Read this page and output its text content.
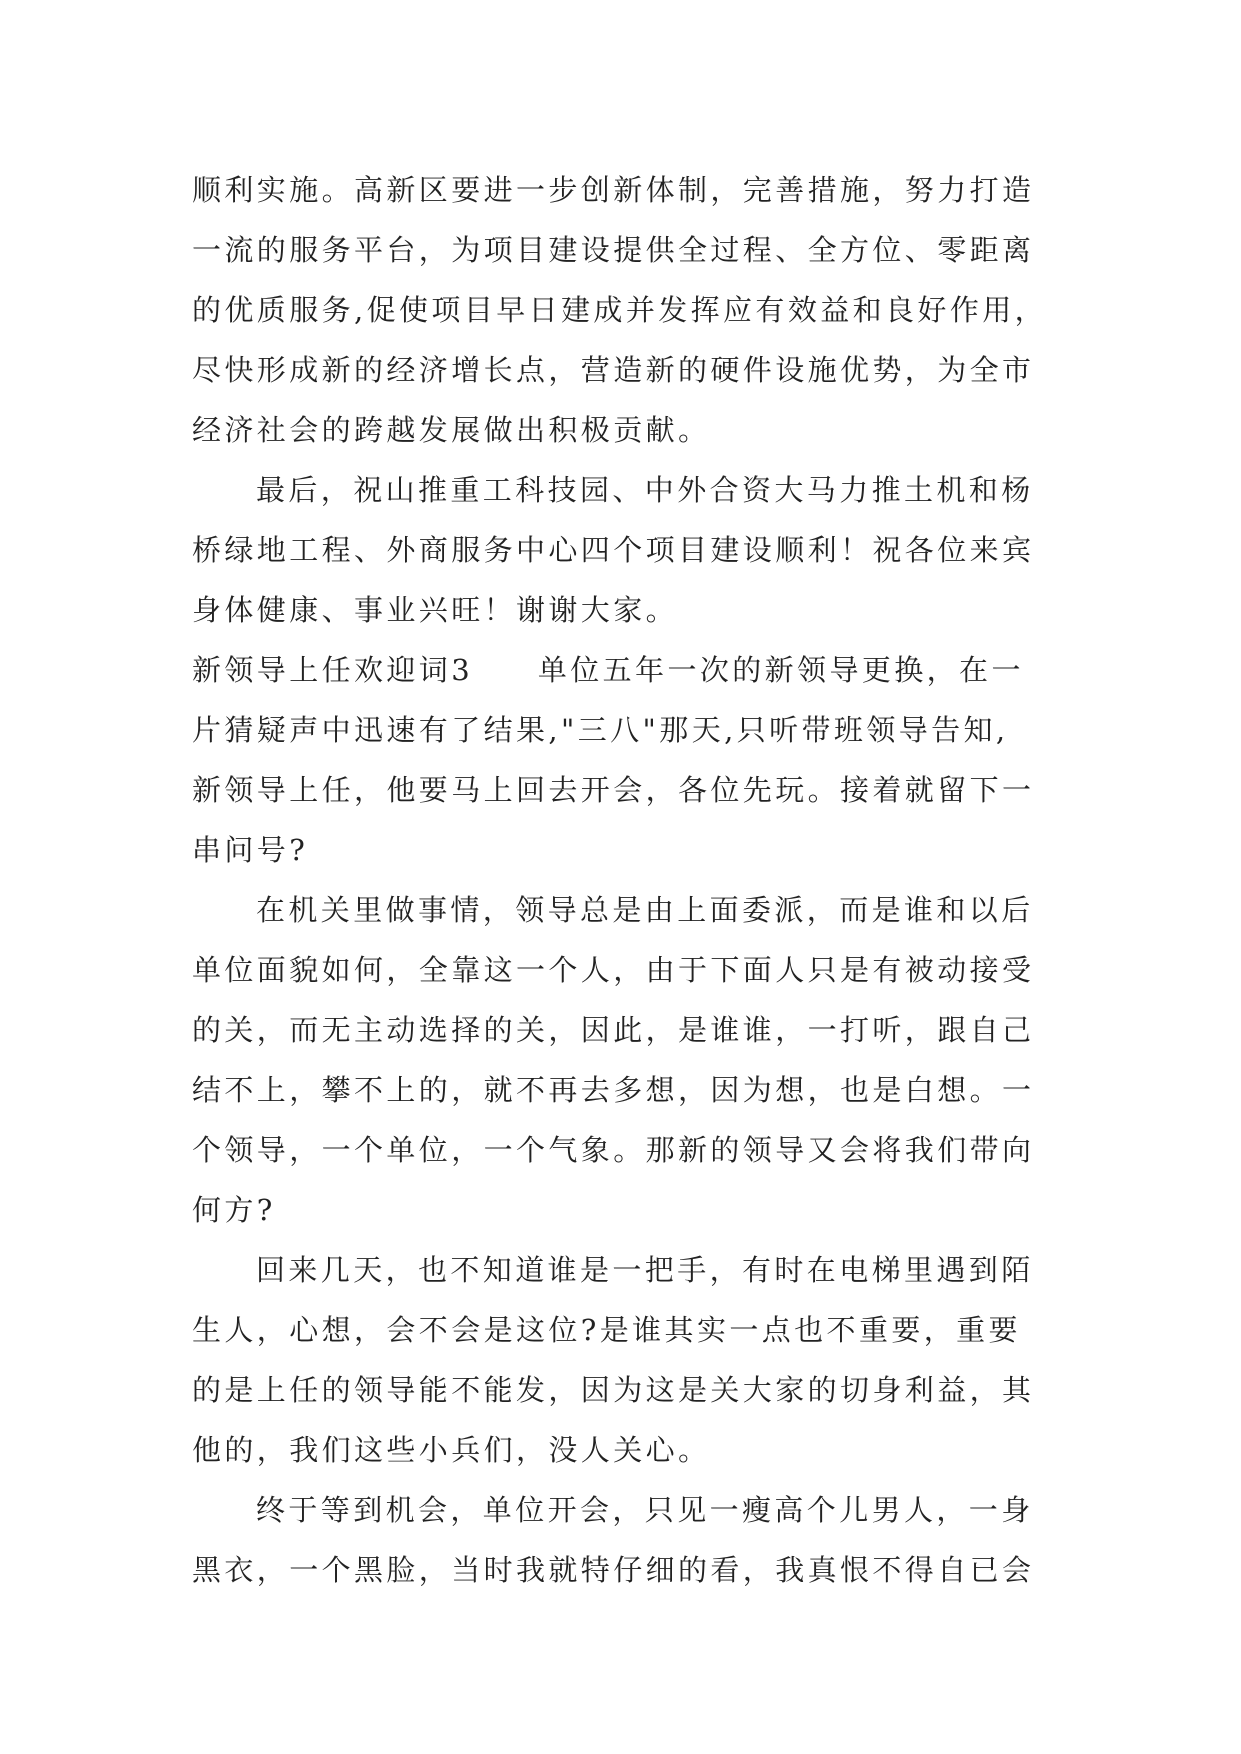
顺利实施。高新区要进一步创新体制，完善措施，努力打造
一流的服务平台，为项目建设提供全过程、全方位、零距离
的优质服务,促使项目早日建成并发挥应有效益和良好作用，
尽快形成新的经济增长点，营造新的硬件设施优势，为全市
经济社会的跨越发展做出积极贡献。
最后，祝山推重工科技园、中外合资大马力推土机和杨
桥绿地工程、外商服务中心四个项目建设顺利！祝各位来宾
身体健康、事业兴旺！谢谢大家。
新领导上任欢迎词3　　单位五年一次的新领导更换，在一
片猜疑声中迅速有了结果,"三八"那天,只听带班领导告知,
新领导上任，他要马上回去开会，各位先玩。接着就留下一
串问号?
在机关里做事情，领导总是由上面委派，而是谁和以后
单位面貌如何，全靠这一个人，由于下面人只是有被动接受
的关，而无主动选择的关，因此，是谁谁，一打听，跟自己
结不上，攀不上的，就不再去多想，因为想，也是白想。一
个领导，一个单位，一个气象。那新的领导又会将我们带向
何方?
回来几天，也不知道谁是一把手，有时在电梯里遇到陌
生人，心想，会不会是这位?是谁其实一点也不重要，重要
的是上任的领导能不能发，因为这是关大家的切身利益，其
他的，我们这些小兵们，没人关心。
终于等到机会，单位开会，只见一瘦高个儿男人，一身
黑衣，一个黑脸，当时我就特仔细的看，我真恨不得自已会
